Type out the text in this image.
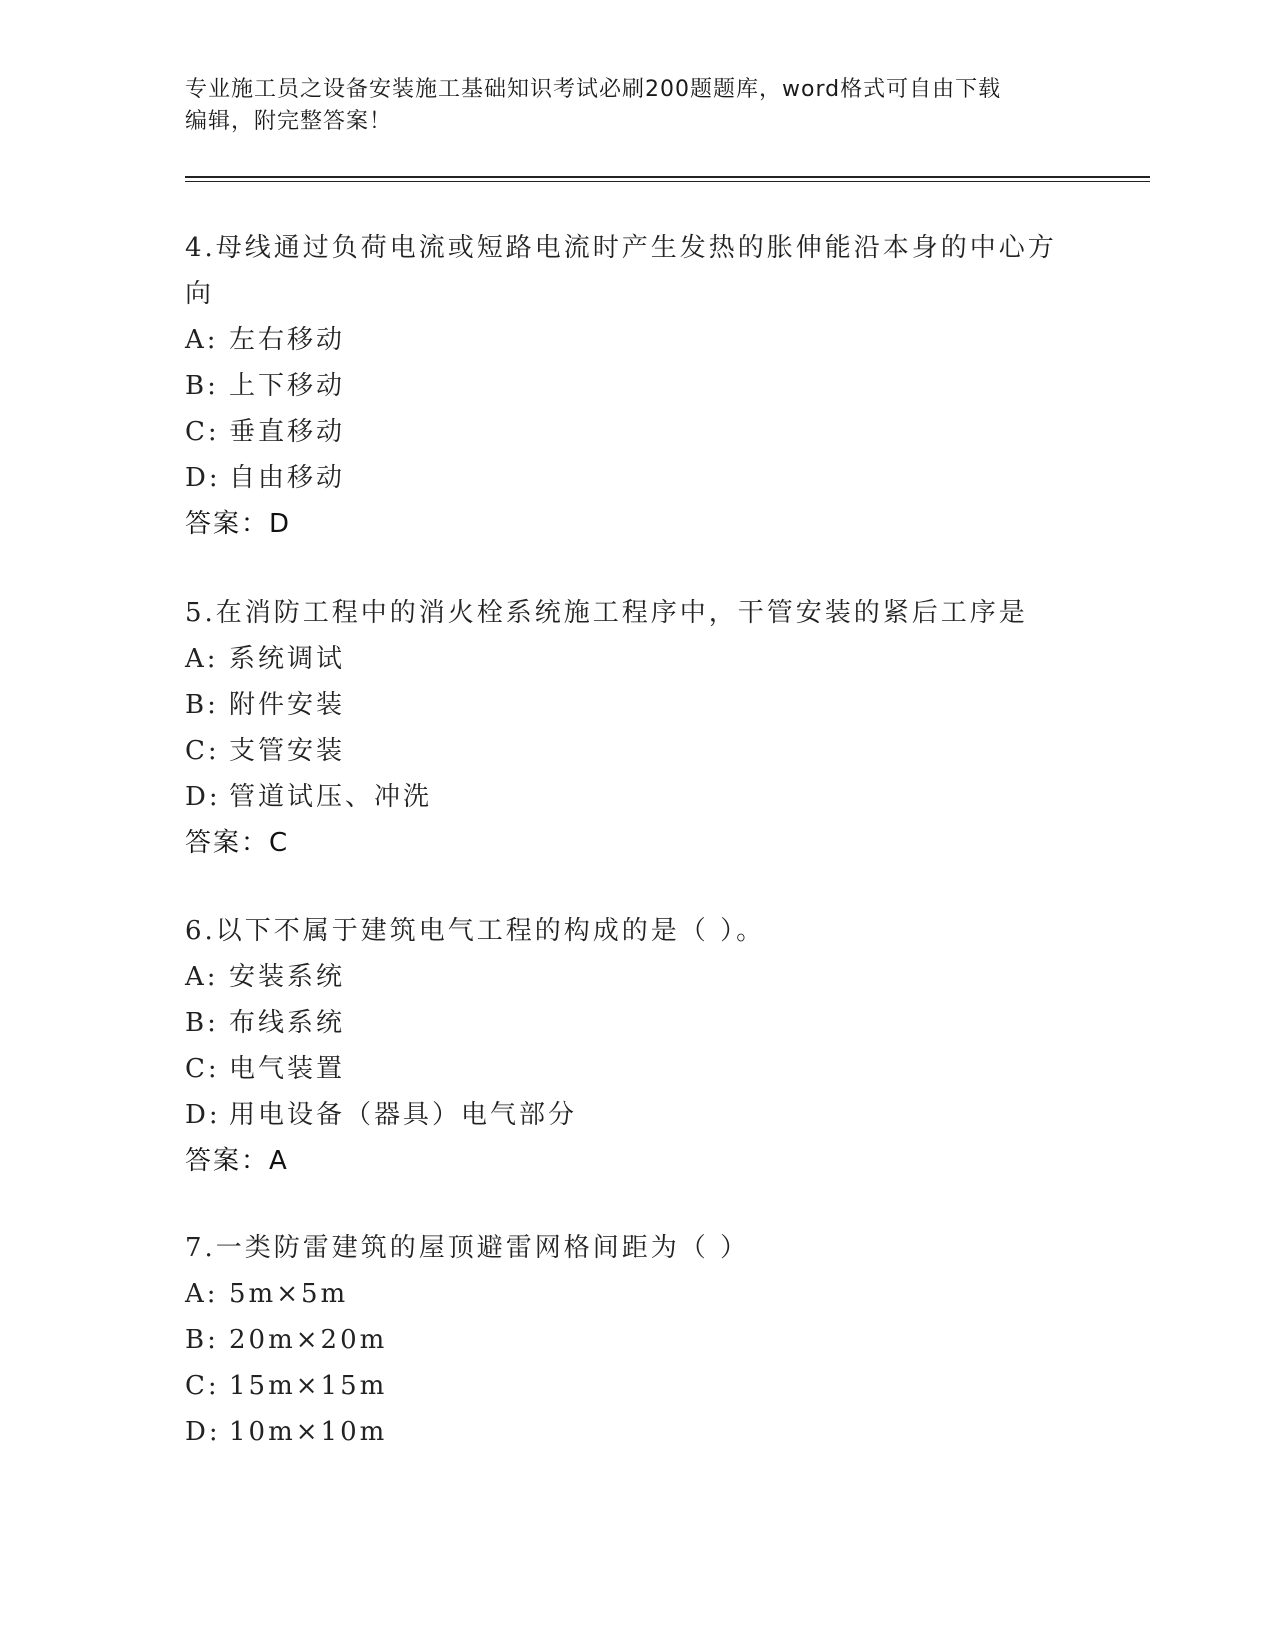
专业施工员之设备安装施工基础知识考试必刷200题题库，word格式可自由下载
编辑，附完整答案！

4.母线通过负荷电流或短路电流时产生发热的胀伸能沿本身的中心方

向

A: 左右移动

B: 上下移动

C: 垂直移动

D: 自由移动

答案：D

5.在消防工程中的消火栓系统施工程序中，干管安装的紧后工序是

A: 系统调试

B: 附件安装

C: 支管安装

D: 管道试压、冲洗

答案：C

6.以下不属于建筑电气工程的构成的是（ ）。

A: 安装系统

B: 布线系统

C: 电气装置

D: 用电设备（器具）电气部分

答案：A

7.一类防雷建筑的屋顶避雷网格间距为（ ）

A: 5m×5m

B: 20m×20m

C: 15m×15m

D: 10m×10m
